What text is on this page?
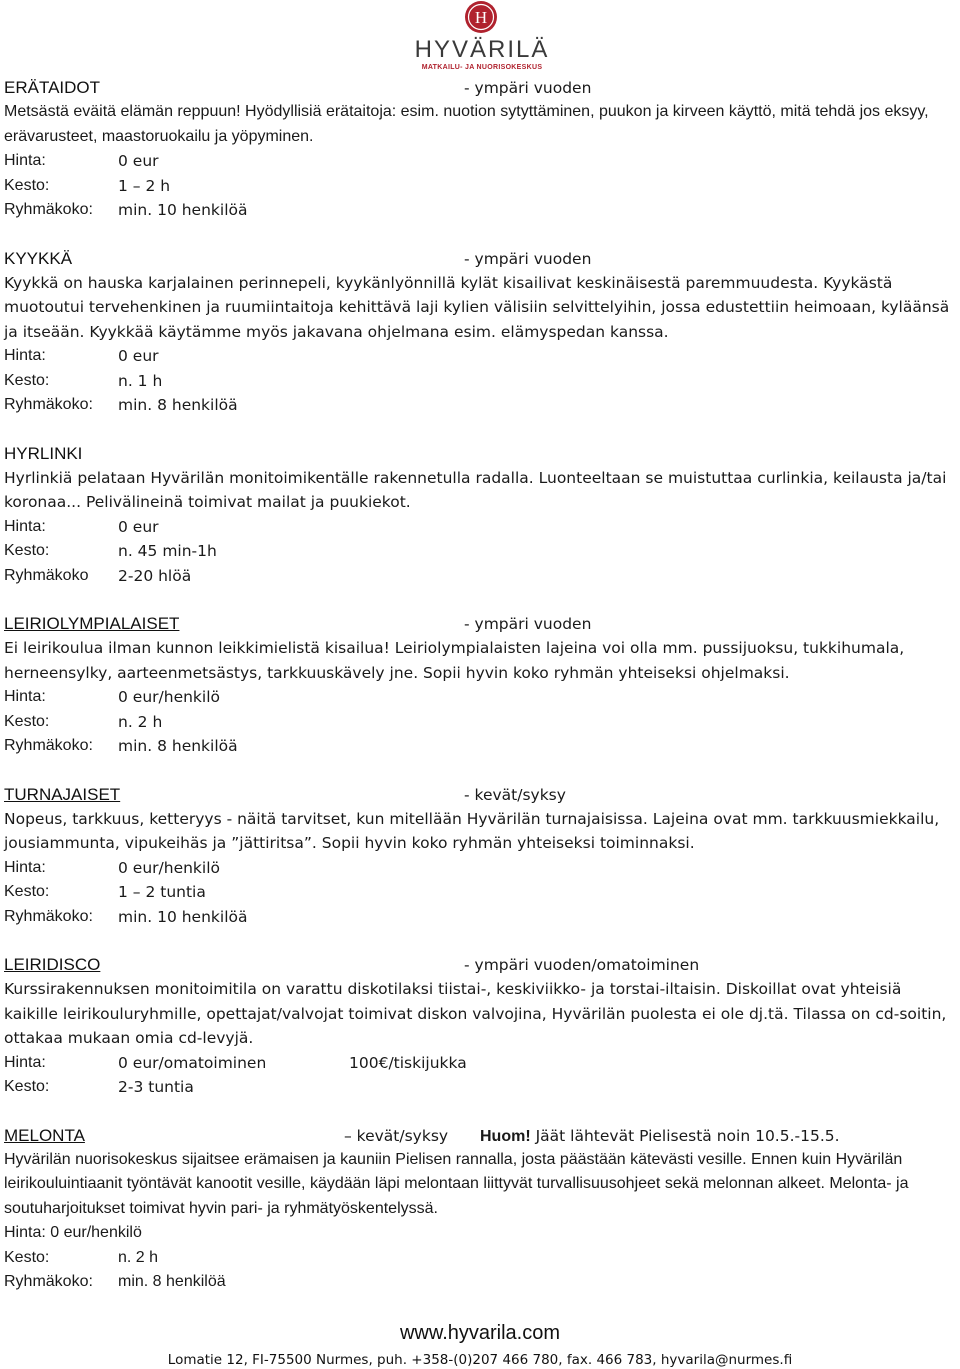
H
HYVÄRILÄ
MATKAILU- JA NUORISOKESKUS
ERÄTAIDOT	- ympäri vuoden

Metsästä eväitä elämän reppuun! Hyödyllisiä erätaitoja: esim. nuotion sytyttäminen, puukon ja kirveen käyttö, mitä tehdä jos eksyy, erävarusteet, maastoruokailu ja yöpyminen.

Hinta:	0 eur
Kesto:	1 – 2 h
Ryhmäkoko: min. 10 henkilöä
KYYKKÄ	- ympäri vuoden

Kyykkä on hauska karjalainen perinnepeli, kyykänlyönnillä kylät kisailivat keskinäisestä paremmuudesta. Kyykästä muotoutui tervehenkinen ja ruumiintaitoja kehittävä laji kylien välisiin selvittelyihin, jossa edustettiin heimoaan, kyläänsä ja itseään. Kyykkää käytämme myös jakavana ohjelmana esim. elämyspedan kanssa.

Hinta:	0 eur
Kesto:	n. 1 h
Ryhmäkoko: min. 8 henkilöä
HYRLINKI

Hyrlinkiä pelataan Hyvärilän monitoimikentälle rakennetulla radalla. Luonteeltaan se muistuttaa curlinkia, keilausta ja/tai koronaa... Pelivälineinä toimivat mailat ja puukiekot.

Hinta:	0 eur
Kesto:	n. 45 min-1h
Ryhmäkoko 2-20 hlöä
LEIRIOLYMPIALAISET	- ympäri vuoden

Ei leirikoulua ilman kunnon leikkimielistä kisailua! Leiriolympialaisten lajeina voi olla mm. pussijuoksu, tukkihumala, herneensylky, aarteenmetsästys, tarkkuuskävely jne. Sopii hyvin koko ryhmän yhteiseksi ohjelmaksi.

Hinta:	0 eur/henkilö
Kesto:	n. 2 h
Ryhmäkoko: min. 8 henkilöä
TURNAJAISET	- kevät/syksy

Nopeus, tarkkuus, ketteryys - näitä tarvitset, kun mitellään Hyvärilän turnajaisissa. Lajeina ovat mm. tarkkuusmiekkailu, jousiammunta, vipukeihäs ja ”jättiritsa”. Sopii hyvin koko ryhmän yhteiseksi toiminnaksi.

Hinta:	0 eur/henkilö
Kesto:	1 – 2 tuntia
Ryhmäkoko: min. 10 henkilöä
LEIRIDISCO	- ympäri vuoden/omatoiminen

Kurssirakennuksen monitoimitila on varattu diskotilaksi tiistai-, keskiviikko- ja torstai-iltaisin. Diskoillat ovat yhteisiä kaikille leirikouluryhmille, opettajat/valvojat toimivat diskon valvojina, Hyvärilän puolesta ei ole dj.tä. Tilassa on cd-soitin, ottakaa mukaan omia cd-levyjä.

Hinta:	0 eur/omatoiminen	100€/tiskijukka
Kesto:	2-3 tuntia
MELONTA	– kevät/syksy Huom! Jäät lähtevät Pielisestä noin 10.5.-15.5.

Hyvärilän nuorisokeskus sijaitsee erämaisen ja kauniin Pielisen rannalla, josta päästään kätevästi vesille. Ennen kuin Hyvärilän leirikouluintiaanit työntävät kanootit vesille, käydään läpi melontaan liittyvät turvallisuusohjeet sekä melonnan alkeet. Melonta- ja soutuharjoitukset toimivat hyvin pari- ja ryhmätyöskentelyssä.

Hinta: 0 eur/henkilö
Kesto:	n. 2 h
Ryhmäkoko: min. 8 henkilöä
www.hyvarila.com
Lomatie 12, FI-75500 Nurmes, puh. +358-(0)207 466 780, fax. 466 783, hyvarila@nurmes.fi
